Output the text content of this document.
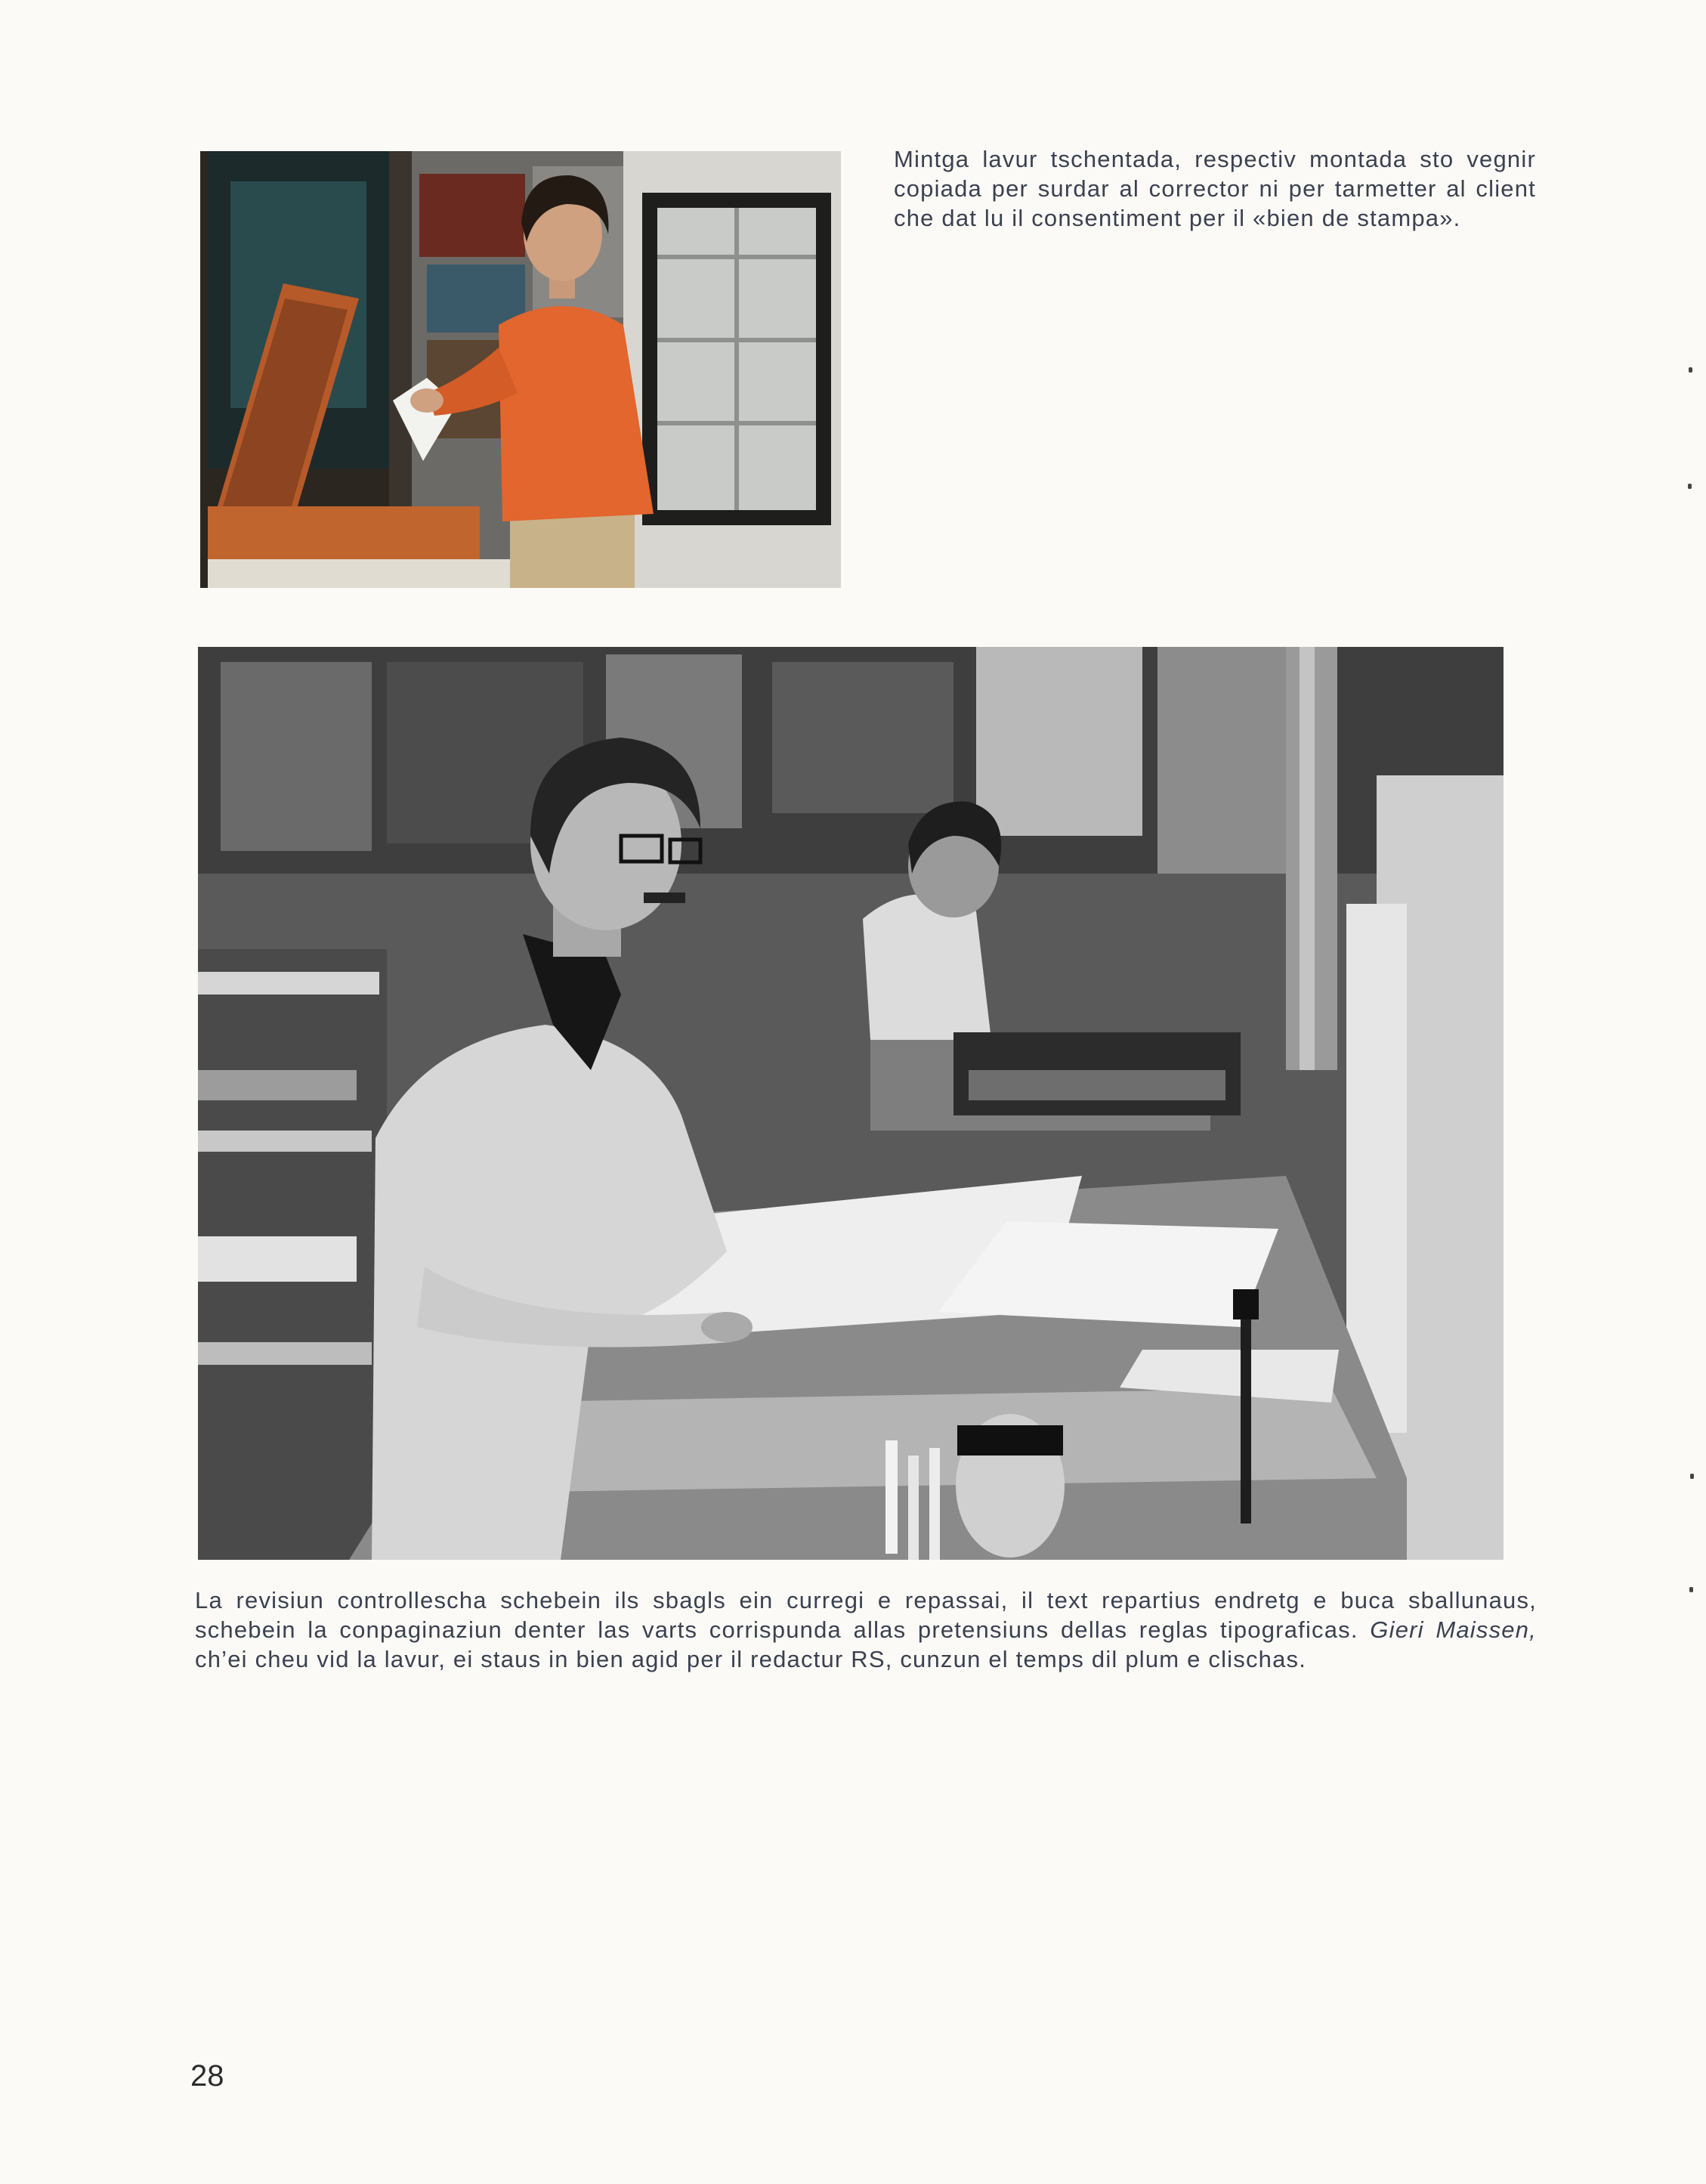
Mintga lavur tschentada, respectiv montada sto vegnir copiada per surdar al corrector ni per tarmetter al client che dat lu il consentiment per il «bien de stampa».

La revisiun controllescha schebein ils sbagls ein curregi e repassai, il text repartius endretg e buca sballunaus, schebein la conpaginaziun denter las varts corrispunda allas pretensiuns dellas reglas tipograficas. Gieri Maissen, ch’ei cheu vid la lavur, ei staus in bien agid per il redactur RS, cunzun el temps dil plum e clischas.

28
